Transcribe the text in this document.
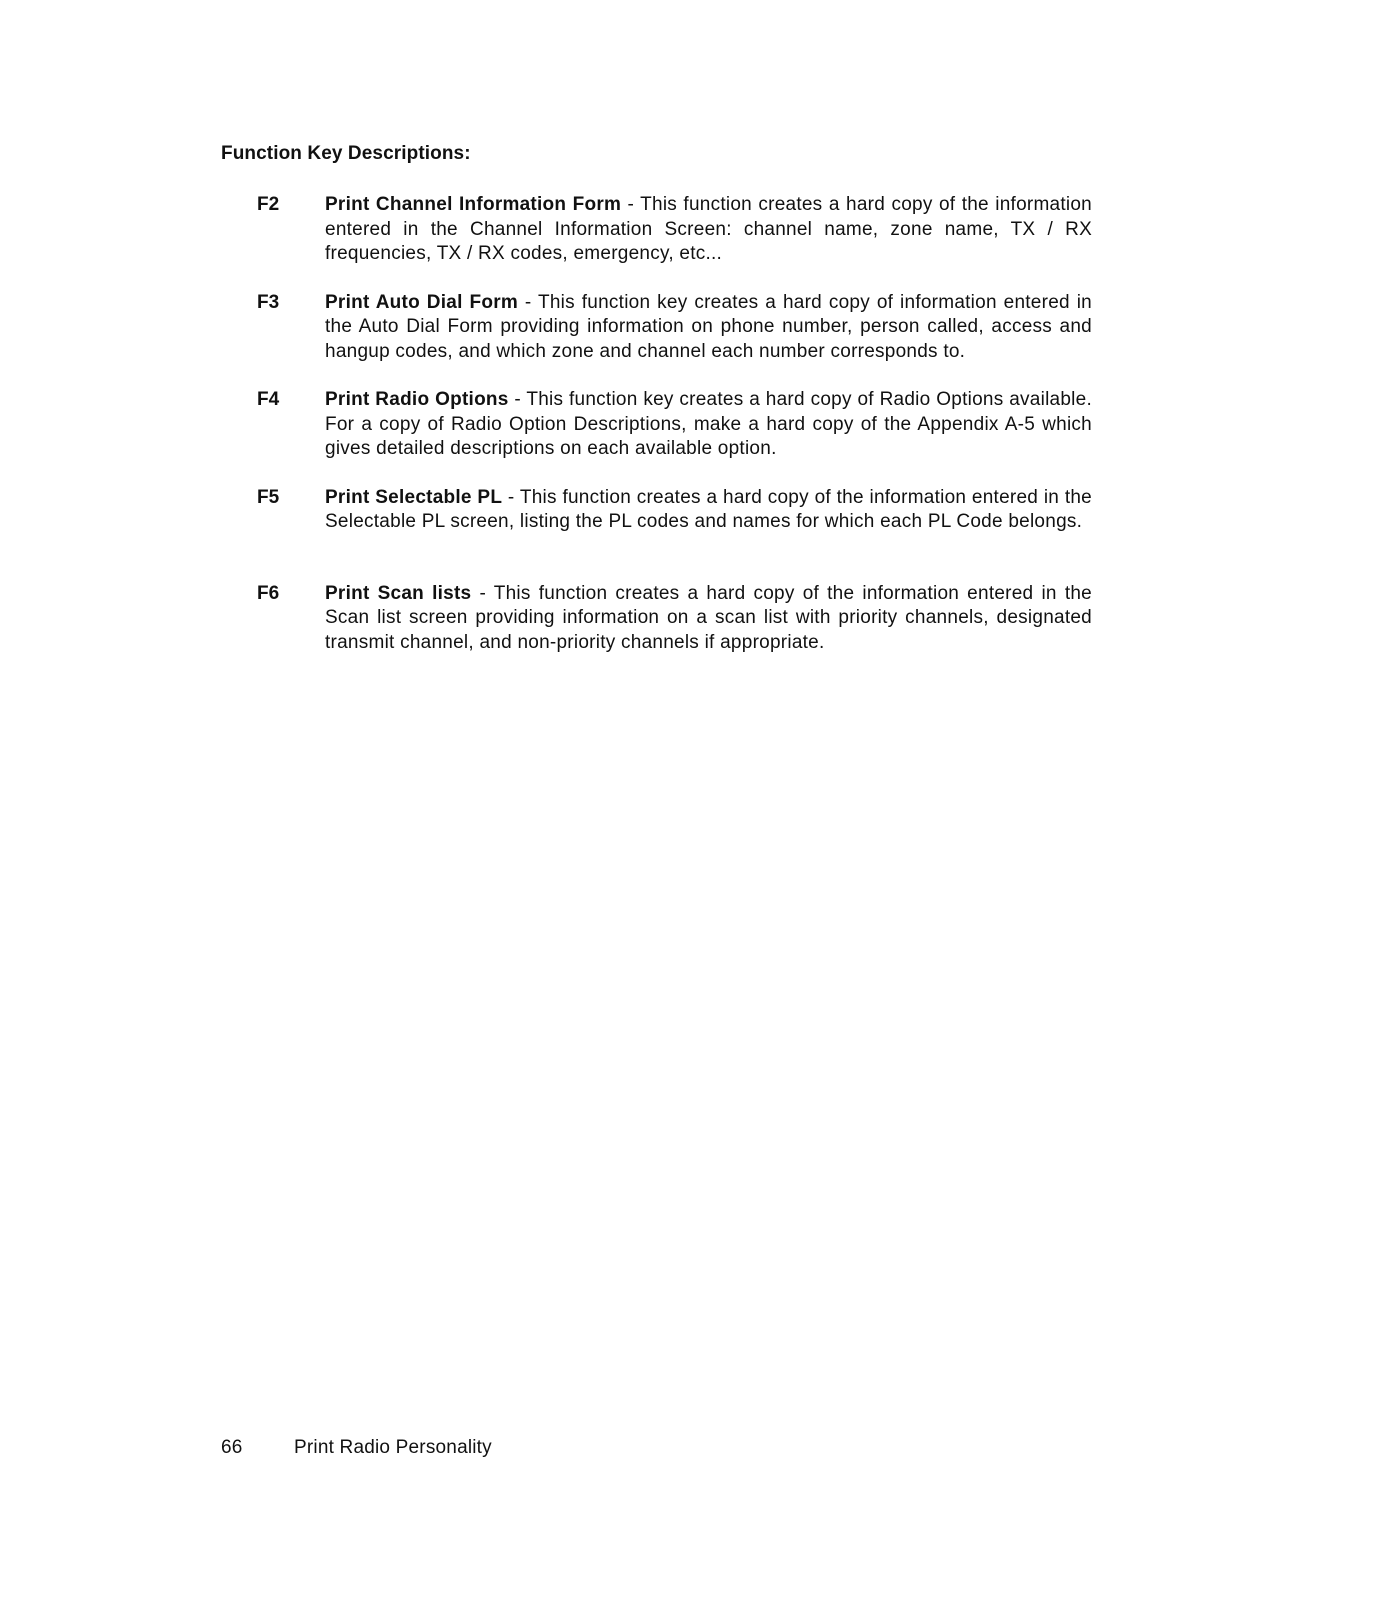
Function Key Descriptions:
F2 Print Channel Information Form - This function creates a hard copy of the information entered in the Channel Information Screen: channel name, zone name, TX / RX frequencies, TX / RX codes, emergency, etc...
F3 Print Auto Dial Form - This function key creates a hard copy of information entered in the Auto Dial Form providing information on phone number, person called, access and hangup codes, and which zone and channel each number corresponds to.
F4 Print Radio Options - This function key creates a hard copy of Radio Options available. For a copy of Radio Option Descriptions, make a hard copy of the Appendix A-5 which gives detailed descriptions on each available option.
F5 Print Selectable PL - This function creates a hard copy of the information entered in the Selectable PL screen, listing the PL codes and names for which each PL Code belongs.
F6 Print Scan lists - This function creates a hard copy of the information entered in the Scan list screen providing information on a scan list with priority channels, designated transmit channel, and non-priority channels if appropriate.
66	Print Radio Personality
